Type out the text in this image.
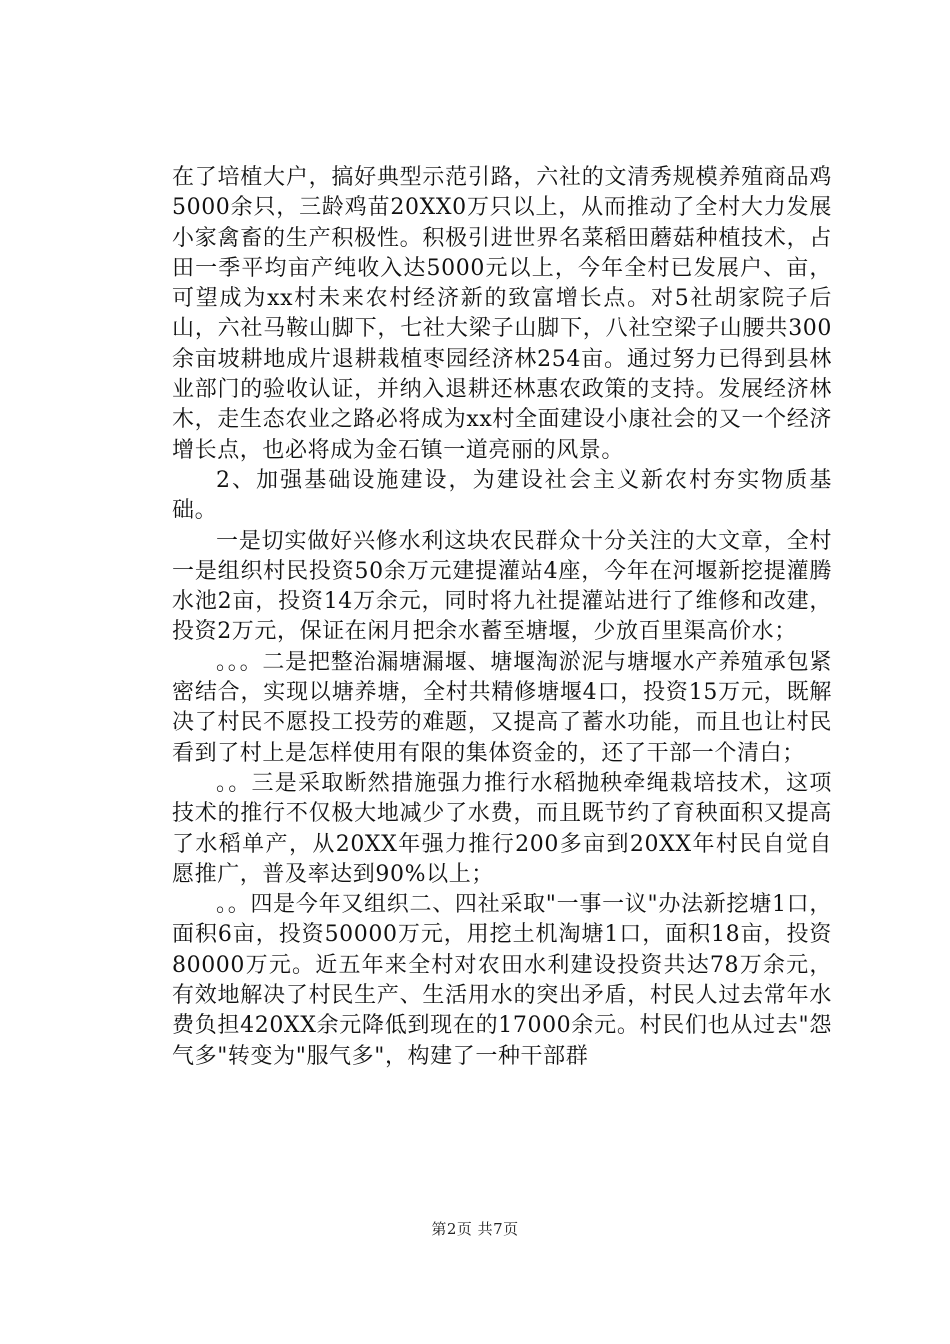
在了培植大户，搞好典型示范引路，六社的文清秀规模养殖商品鸡5000余只，三龄鸡苗20XX0万只以上，从而推动了全村大力发展小家禽畜的生产积极性。积极引进世界名菜稻田蘑菇种植技术，占田一季平均亩产纯收入达5000元以上，今年全村已发展户、亩，可望成为xx村未来农村经济新的致富增长点。对5社胡家院子后山，六社马鞍山脚下，七社大梁子山脚下，八社空梁子山腰共300余亩坡耕地成片退耕栽植枣园经济林254亩。通过努力已得到县林业部门的验收认证，并纳入退耕还林惠农政策的支持。发展经济林木，走生态农业之路必将成为xx村全面建设小康社会的又一个经济增长点，也必将成为金石镇一道亮丽的风景。

2、加强基础设施建设，为建设社会主义新农村夯实物质基础。

一是切实做好兴修水利这块农民群众十分关注的大文章，全村一是组织村民投资50余万元建提灌站4座，今年在河堰新挖提灌腾水池2亩，投资14万余元，同时将九社提灌站进行了维修和改建，投资2万元，保证在闲月把余水蓄至塘堰，少放百里渠高价水；

。。。二是把整治漏塘漏堰、塘堰淘淤泥与塘堰水产养殖承包紧密结合，实现以塘养塘，全村共精修塘堰4口，投资15万元，既解决了村民不愿投工投劳的难题，又提高了蓄水功能，而且也让村民看到了村上是怎样使用有限的集体资金的，还了干部一个清白；

。。三是采取断然措施强力推行水稻抛秧牵绳栽培技术，这项技术的推行不仅极大地减少了水费，而且既节约了育秧面积又提高了水稻单产，从20XX年强力推行200多亩到20XX年村民自觉自愿推广，普及率达到90%以上；

。。四是今年又组织二、四社采取"一事一议"办法新挖塘1口，面积6亩，投资50000万元，用挖土机淘塘1口，面积18亩，投资80000万元。近五年来全村对农田水利建设投资共达78万余元，有效地解决了村民生产、生活用水的突出矛盾，村民人过去常年水费负担420XX余元降低到现在的17000余元。村民们也从过去"怨气多"转变为"服气多"，构建了一种干部群

第2页 共7页
